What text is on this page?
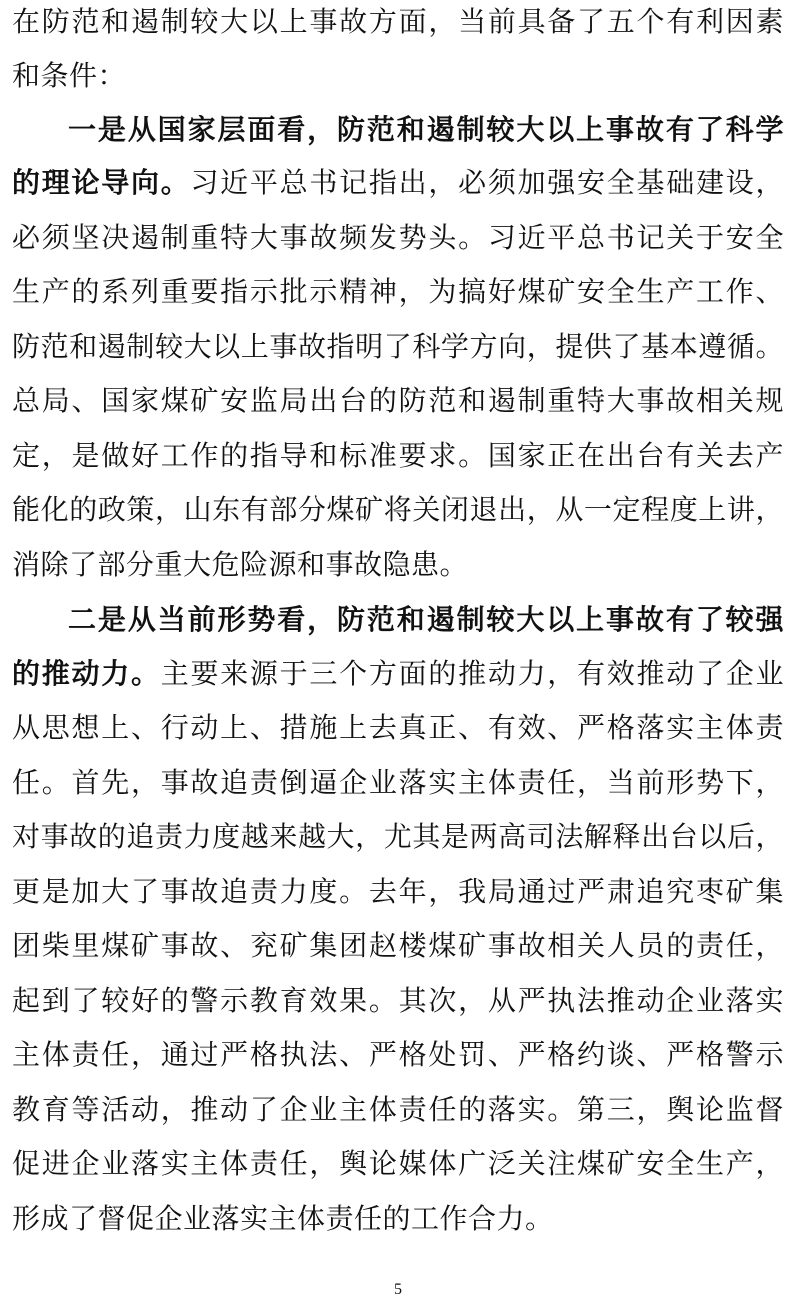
在防范和遏制较大以上事故方面，当前具备了五个有利因素
和条件：
一是从国家层面看，防范和遏制较大以上事故有了科学
的理论导向。习近平总书记指出，必须加强安全基础建设，
必须坚决遏制重特大事故频发势头。习近平总书记关于安全
生产的系列重要指示批示精神，为搞好煤矿安全生产工作、
防范和遏制较大以上事故指明了科学方向，提供了基本遵循。
总局、国家煤矿安监局出台的防范和遏制重特大事故相关规
定，是做好工作的指导和标准要求。国家正在出台有关去产
能化的政策，山东有部分煤矿将关闭退出，从一定程度上讲，
消除了部分重大危险源和事故隐患。
二是从当前形势看，防范和遏制较大以上事故有了较强
的推动力。主要来源于三个方面的推动力，有效推动了企业
从思想上、行动上、措施上去真正、有效、严格落实主体责
任。首先，事故追责倒逼企业落实主体责任，当前形势下，
对事故的追责力度越来越大，尤其是两高司法解释出台以后，
更是加大了事故追责力度。去年，我局通过严肃追究枣矿集
团柴里煤矿事故、兖矿集团赵楼煤矿事故相关人员的责任，
起到了较好的警示教育效果。其次，从严执法推动企业落实
主体责任，通过严格执法、严格处罚、严格约谈、严格警示
教育等活动，推动了企业主体责任的落实。第三，舆论监督
促进企业落实主体责任，舆论媒体广泛关注煤矿安全生产，
形成了督促企业落实主体责任的工作合力。
5
